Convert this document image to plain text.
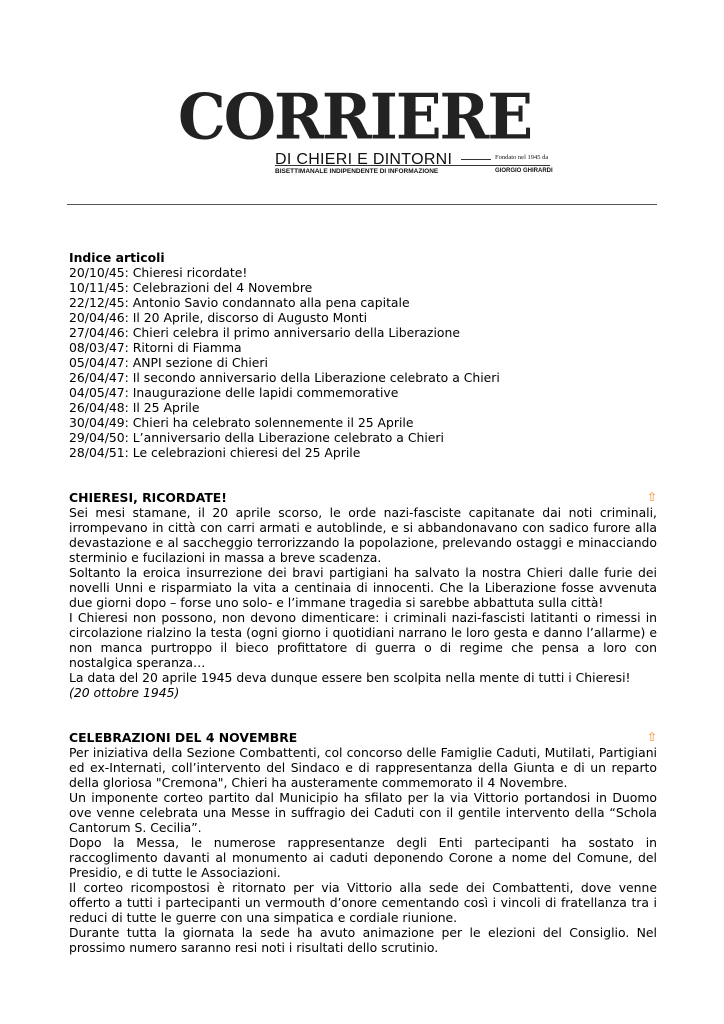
CORRIERE
DI CHIERI E DINTORNI	Fondato nel 1945 da
BISETTIMANALE INDIPENDENTE DI INFORMAZIONE	GIORGIO GHIRARDI
Indice articoli
20/10/45: Chieresi ricordate!
10/11/45: Celebrazioni del 4 Novembre
22/12/45: Antonio Savio condannato alla pena capitale
20/04/46: Il 20 Aprile, discorso di Augusto Monti
27/04/46: Chieri celebra il primo anniversario della Liberazione
08/03/47: Ritorni di Fiamma
05/04/47: ANPI sezione di Chieri
26/04/47: Il secondo anniversario della Liberazione celebrato a Chieri
04/05/47: Inaugurazione delle lapidi commemorative
26/04/48: Il 25 Aprile
30/04/49: Chieri ha celebrato solennemente il 25 Aprile
29/04/50: L’anniversario della Liberazione celebrato a Chieri
28/04/51: Le celebrazioni chieresi del 25 Aprile
⇧
CHIERESI, RICORDATE!
Sei mesi stamane, il 20 aprile scorso, le orde nazi-fasciste capitanate dai noti criminali, irrompevano in città con carri armati e autoblinde, e si abbandonavano con sadico furore alla devastazione e al saccheggio terrorizzando la popolazione, prelevando ostaggi e minacciando sterminio e fucilazioni in massa a breve scadenza.
Soltanto la eroica insurrezione dei bravi partigiani ha salvato la nostra Chieri dalle furie dei novelli Unni e risparmiato la vita a centinaia di innocenti. Che la Liberazione fosse avvenuta due giorni dopo – forse uno solo- e l’immane tragedia si sarebbe abbattuta sulla città!
I Chieresi non possono, non devono dimenticare: i criminali nazi-fascisti latitanti o rimessi in circolazione rialzino la testa (ogni giorno i quotidiani narrano le loro gesta e danno l’allarme) e non manca purtroppo il bieco profittatore di guerra o di regime che pensa a loro con nostalgica speranza…
La data del 20 aprile 1945 deva dunque essere ben scolpita nella mente di tutti i Chieresi!
(20 ottobre 1945)
⇧
CELEBRAZIONI DEL 4 NOVEMBRE
Per iniziativa della Sezione Combattenti, col concorso delle Famiglie Caduti, Mutilati, Partigiani ed ex-Internati, coll’intervento del Sindaco e di rappresentanza della Giunta e di un reparto della gloriosa "Cremona", Chieri ha austeramente commemorato il 4 Novembre.
Un imponente corteo partito dal Municipio ha sfilato per la via Vittorio portandosi in Duomo ove venne celebrata una Messe in suffragio dei Caduti con il gentile intervento della “Schola Cantorum S. Cecilia”.
Dopo la Messa, le numerose rappresentanze degli Enti partecipanti ha sostato in raccoglimento davanti al monumento ai caduti deponendo Corone a nome del Comune, del Presidio, e di tutte le Associazioni.
Il corteo ricompostosi è ritornato per via Vittorio alla sede dei Combattenti, dove venne offerto a tutti i partecipanti un vermouth d’onore cementando così i vincoli di fratellanza tra i reduci di tutte le guerre con una simpatica e cordiale riunione.
Durante tutta la giornata la sede ha avuto animazione per le elezioni del Consiglio. Nel prossimo numero saranno resi noti i risultati dello scrutinio.
